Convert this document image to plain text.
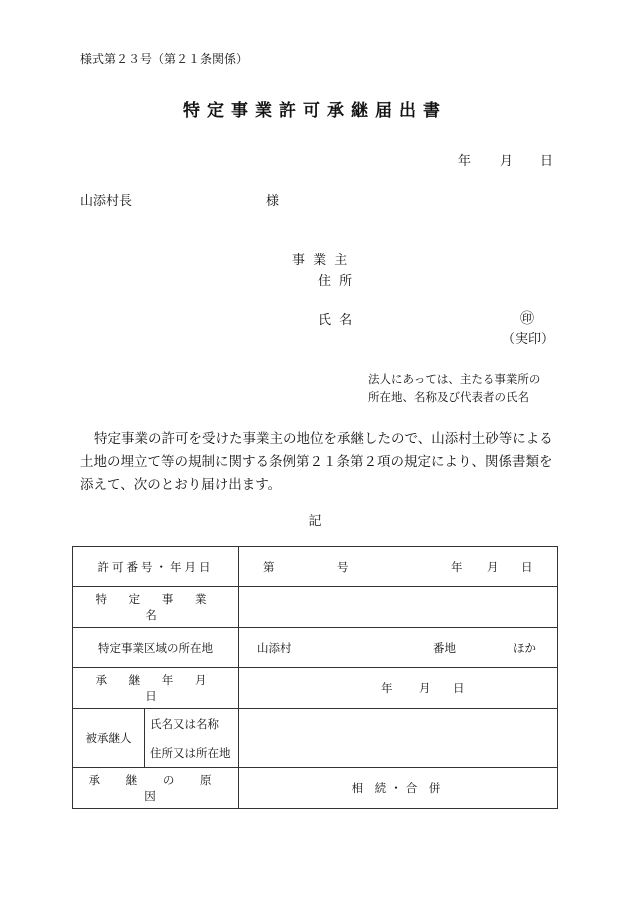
様式第２３号（第２１条関係）
特定事業許可承継届出書
年 月 日
山添村長	様
事 業 主
住 所
氏 名	㊞
（実印）
法人にあっては、主たる事業所の
所在地、名称及び代表者の氏名
特定事業の許可を受けた事業主の地位を承継したので、山添村土砂等による土地の埋立て等の規制に関する条例第２１条第２項の規定により、関係書類を添えて、次のとおり届け出ます。
記
許可番号・年月日		第 号 年 月 日

特 定 事 業 名		
特定事業区域の所在地		山添村 番地 ほか

承 継 年 月 日		年 月 日

被承継人	氏名又は名称	

	住所又は所在地	
承 継 の 原 因		相 続・合 併
